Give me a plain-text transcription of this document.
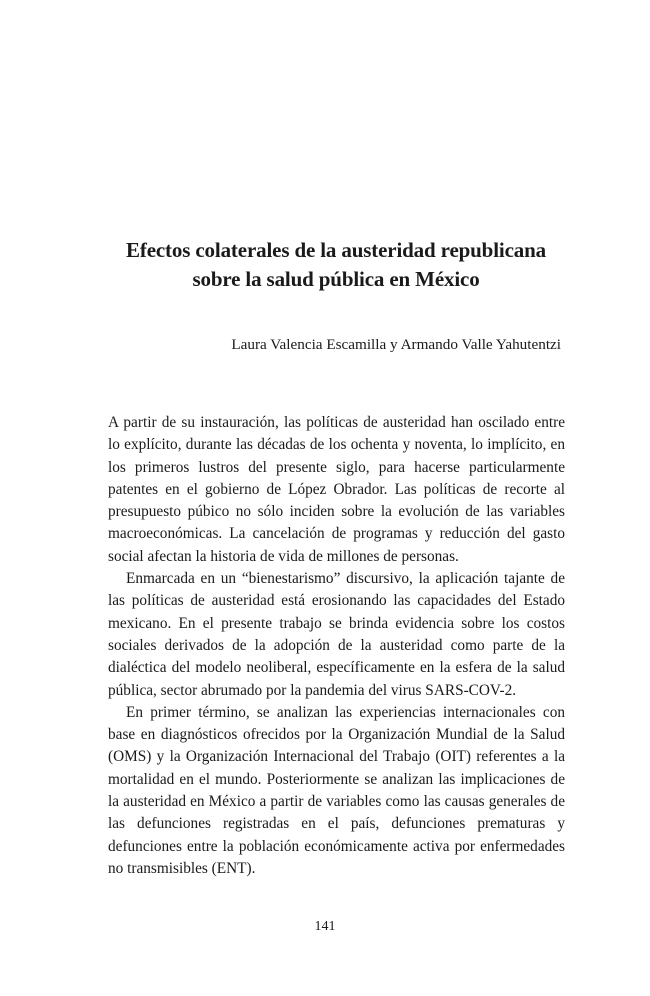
Efectos colaterales de la austeridad republicana
sobre la salud pública en México
Laura Valencia Escamilla y Armando Valle Yahutentzi

A partir de su instauración, las políticas de austeridad han oscilado entre lo explícito, durante las décadas de los ochenta y noventa, lo implícito, en los primeros lustros del presente siglo, para hacerse particularmente patentes en el gobierno de López Obrador. Las políticas de recorte al presupuesto púbico no sólo inciden sobre la evolución de las variables macroeconómicas. La cancelación de programas y reducción del gasto social afectan la historia de vida de millones de personas.

Enmarcada en un “bienestarismo” discursivo, la aplicación tajante de las políticas de austeridad está erosionando las capacidades del Estado mexicano. En el presente trabajo se brinda evidencia sobre los costos sociales derivados de la adopción de la austeridad como parte de la dialéctica del modelo neoliberal, específicamente en la esfera de la salud pública, sector abrumado por la pandemia del virus SARS-COV-2.

En primer término, se analizan las experiencias internacionales con base en diagnósticos ofrecidos por la Organización Mundial de la Salud (OMS) y la Organización Internacional del Trabajo (OIT) referentes a la mortalidad en el mundo. Posteriormente se analizan las implicaciones de la austeridad en México a partir de variables como las causas generales de las defunciones registradas en el país, defunciones prematuras y defunciones entre la población económicamente activa por enfermedades no transmisibles (ENT).

141
